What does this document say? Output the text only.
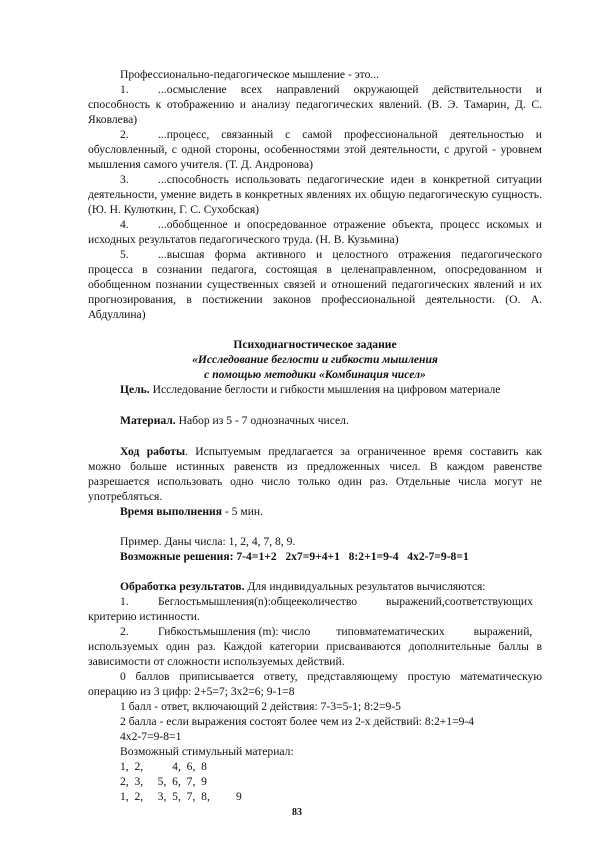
Профессионально-педагогическое мышление - это...

1.	...осмысление всех направлений окружающей действительности и

способность к отображению и анализу педагогических явлений. (В. Э. Тамарин, Д. С.

Яковлева)

2.	...процесс, связанный с самой профессиональной деятельностью и

обусловленный, с одной стороны, особенностями этой деятельности, с другой - уровнем

мышления самого учителя. (Т. Д. Андронова)

3.	...способность использовать педагогические идеи в конкретной ситуации

деятельности, умение видеть в конкретных явлениях их общую педагогическую сущность.

(Ю. Н. Кулюткин, Г. С. Сухобская)

4.	...обобщенное и опосредованное отражение объекта, процесс искомых и

исходных результатов педагогического труда. (Н. В. Кузьмина)

5.	...высшая форма активного и целостного отражения педагогического

процесса в сознании педагога, состоящая в целенаправленном, опосредованном и

обобщенном познании существенных связей и отношений педагогических явлений и их

прогнозирования, в постижении законов профессиональной деятельности. (О. А.

Абдуллина)

Психодиагностическое задание

«Исследование беглости и гибкости мышления

с помощью методики «Комбинация чисел»

Цель. Исследование беглости и гибкости мышления на цифровом материале

Материал. Набор из 5 - 7 однозначных чисел.

Ход работы. Испытуемым предлагается за ограниченное время составить как

можно больше истинных равенств из предложенных чисел. В каждом равенстве

разрешается использовать одно число только один раз. Отдельные числа могут не

употребляться.

Время выполнения - 5 мин.

Пример. Даны числа: 1, 2, 4, 7, 8, 9.

Возможные решения: 7-4=1+2   2x7=9+4+1   8:2+1=9-4   4x2-7=9-8=1

Обработка результатов. Для индивидуальных результатов вычисляются:

1.	Беглостьмышления(n):общееколичество          выражений,соответствующих

критерию истинности.

2.	Гибкостьмышления (m): число         типовматематических          выражений,

используемых один раз. Каждой категории присваиваются дополнительные баллы в

зависимости от сложности используемых действий.

0 баллов приписывается ответу, представляющему простую математическую

операцию из 3 цифр: 2+5=7; 3x2=6; 9-1=8

1 балл - ответ, включающий 2 действия: 7-3=5-1; 8:2=9-5

2 балла - если выражения состоят более чем из 2-х действий: 8:2+1=9-4

4x2-7=9-8=1

Возможный стимульный материал:

1,  2,          4,  6,  8

2,  3,     5,  6,  7,  9

1,  2,     3,  5,  7,  8,         9

83
